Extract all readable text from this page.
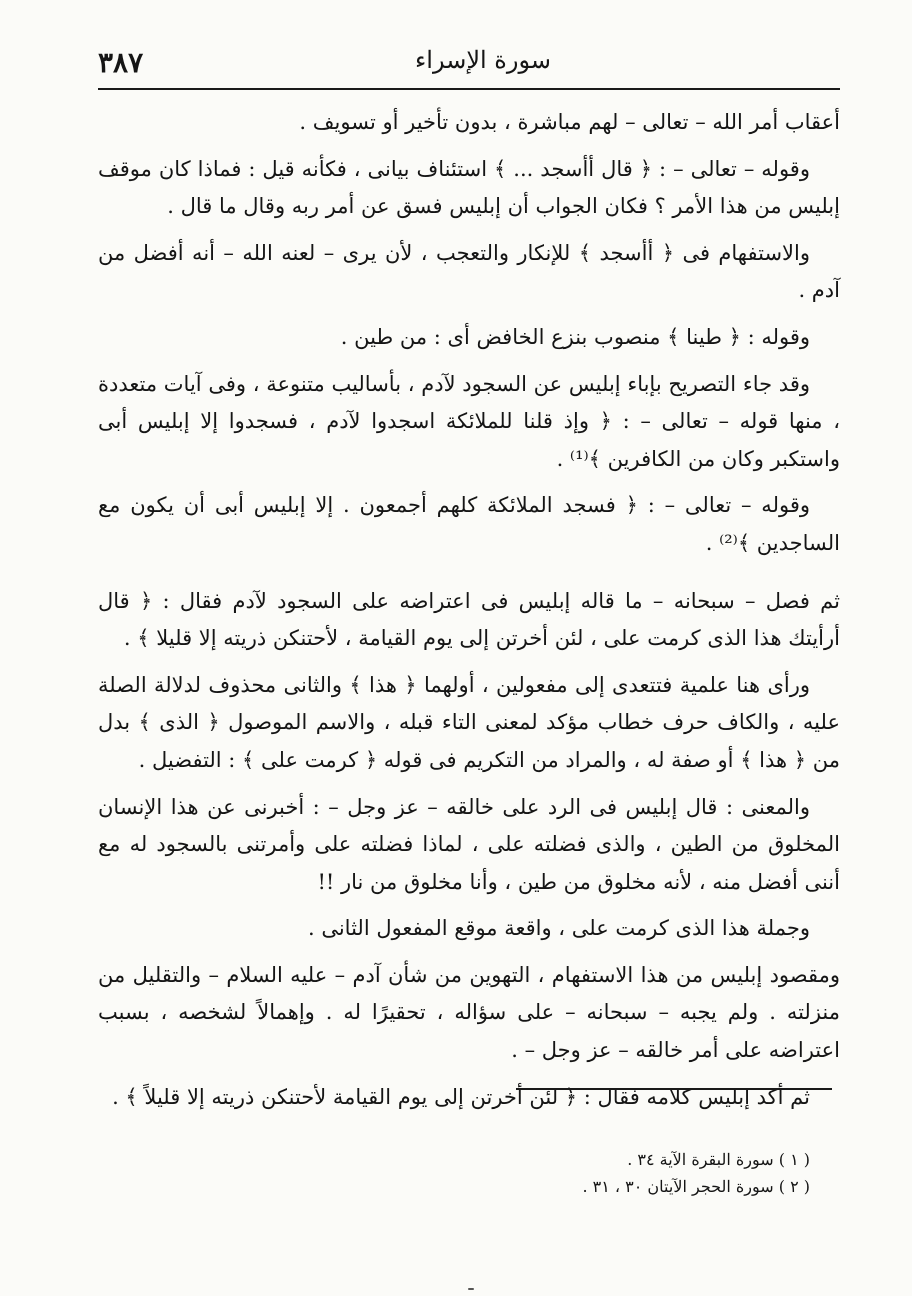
٣٨٧	سورة الإسراء

أعقاب أمر الله – تعالى – لهم مباشرة ، بدون تأخير أو تسويف .

وقوله – تعالى – : ﴿ قال أأسجد ... ﴾ استئناف بيانى ، فكأنه قيل : فماذا كان موقف إبليس من هذا الأمر ؟ فكان الجواب أن إبليس فسق عن أمر ربه وقال ما قال .

والاستفهام فى ﴿ أأسجد ﴾ للإنكار والتعجب ، لأن يرى – لعنه الله – أنه أفضل من آدم .

وقوله : ﴿ طينا ﴾ منصوب بنزع الخافض أى : من طين .

وقد جاء التصريح بإباء إبليس عن السجود لآدم ، بأساليب متنوعة ، وفى آيات متعددة ، منها قوله – تعالى – : ﴿ وإذ قلنا للملائكة اسجدوا لآدم ، فسجدوا إلا إبليس أبى واستكبر وكان من الكافرين ﴾⁽¹⁾ .

وقوله – تعالى – : ﴿ فسجد الملائكة كلهم أجمعون . إلا إبليس أبى أن يكون مع الساجدين ﴾⁽²⁾ .

ثم فصل – سبحانه – ما قاله إبليس فى اعتراضه على السجود لآدم فقال : ﴿ قال أرأيتك هذا الذى كرمت على ، لئن أخرتن إلى يوم القيامة ، لأحتنكن ذريته إلا قليلا ﴾ .

ورأى هنا علمية فتتعدى إلى مفعولين ، أولهما ﴿ هذا ﴾ والثانى محذوف لدلالة الصلة عليه ، والكاف حرف خطاب مؤكد لمعنى التاء قبله ، والاسم الموصول ﴿ الذى ﴾ بدل من ﴿ هذا ﴾ أو صفة له ، والمراد من التكريم فى قوله ﴿ كرمت على ﴾ : التفضيل .

والمعنى : قال إبليس فى الرد على خالقه – عز وجل – : أخبرنى عن هذا الإنسان المخلوق من الطين ، والذى فضلته على ، لماذا فضلته على وأمرتنى بالسجود له مع أننى أفضل منه ، لأنه مخلوق من طين ، وأنا مخلوق من نار !!

وجملة هذا الذى كرمت على ، واقعة موقع المفعول الثانى .

ومقصود إبليس من هذا الاستفهام ، التهوين من شأن آدم – عليه السلام – والتقليل من منزلته . ولم يجبه – سبحانه – على سؤاله ، تحقيرًا له . وإهمالاً لشخصه ، بسبب اعتراضه على أمر خالقه – عز وجل – .

ثم أكد إبليس كلامه فقال : ﴿ لئن أخرتن إلى يوم القيامة لأحتنكن ذريته إلا قليلاً ﴾ .

( ١ ) سورة البقرة الآية ٣٤ .

( ٢ ) سورة الحجر الآيتان ٣٠ ، ٣١ .
